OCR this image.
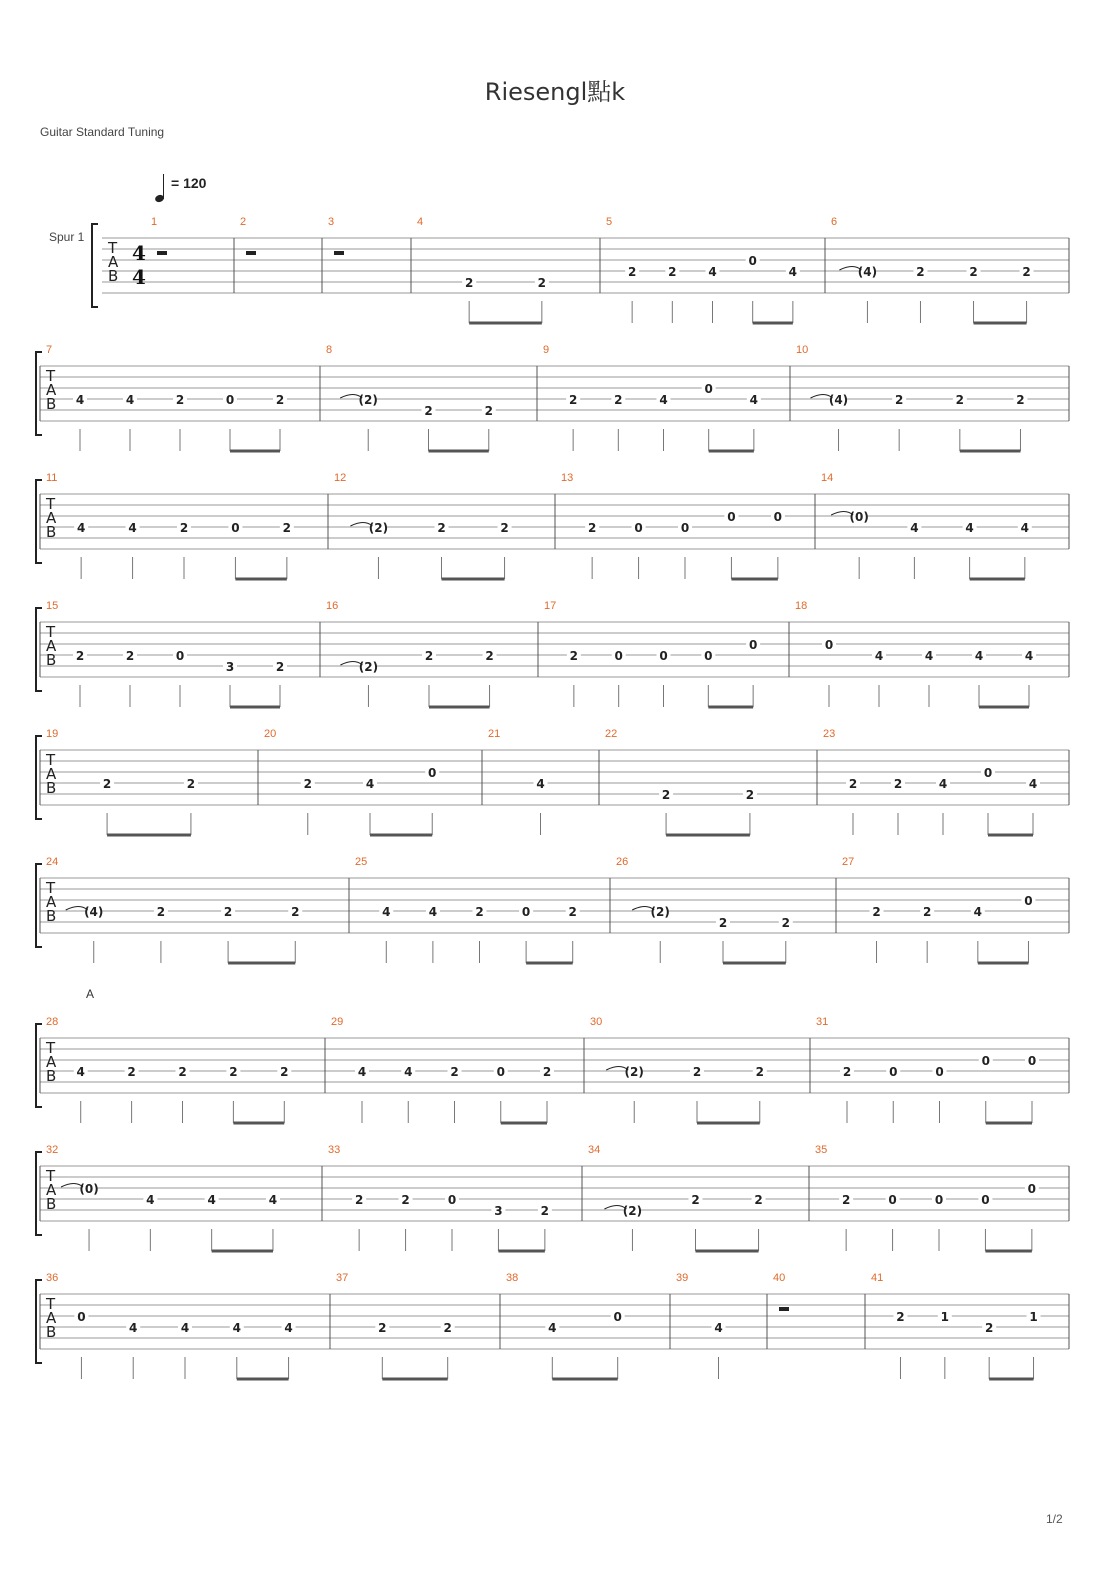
Riesengl點k
Guitar Standard Tuning
= 120
Spur 1
A
1/2
T
A
B
4
4
1	2	3	4
2	2
5
2	2	4
0
4
6
(4)	2	2	2
T
A
B
7
4	4	2	0	2
8
(2)
2	2
9
2	2	4
0
4
10
(4)	2	2	2
T
A
B
11
4	4	2	0	2
12
(2)	2	2
13
2	0	0
0	0
14
(0)
4	4	4
T
A
B
15
2	2	0
3	2
16
(2)
2	2
17
2	0	0	0
0
18
0
4	4	4	4
T
A
B
19
2	2
20
2	4
0
21
4
22
2	2
23
2	2	4
0
4
T
A
B
24
(4)	2	2	2
25
4	4	2	0	2
26
(2)
2	2
27
2	2	4
0
T
A
B
28
4	2	2	2	2
29
4	4	2	0	2
30
(2)	2	2
31
2	0	0
0	0
T
A
B
32
(0)
4	4	4
33
2	2	0
3	2
34
(2)
2	2
35
2	0	0	0
0
T
A
B
36
0
4	4	4	4
37
2	2
38
4
0
39
4
40	41
2	1
2
1
